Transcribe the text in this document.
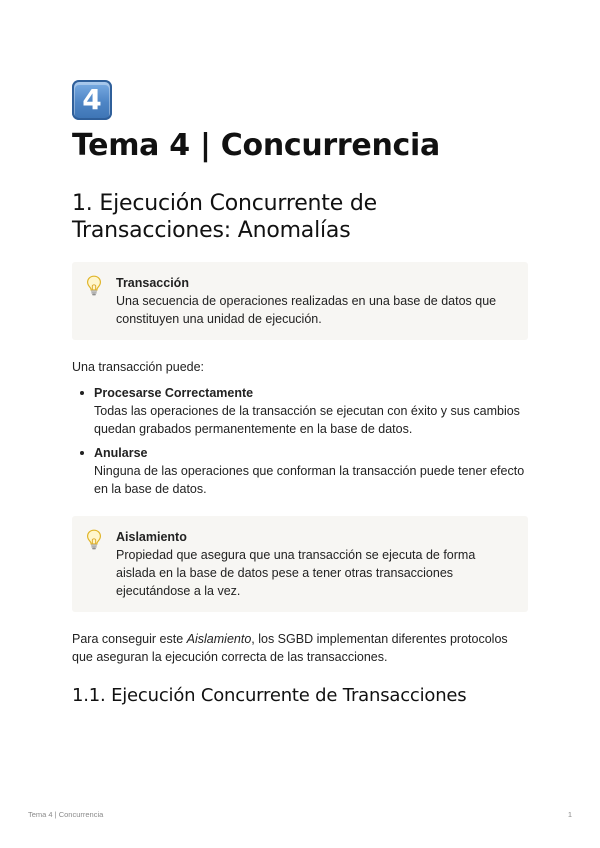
4
Tema 4 | Concurrencia
1. Ejecución Concurrente de Transacciones: Anomalías
Transacción
Una secuencia de operaciones realizadas en una base de datos que constituyen una unidad de ejecución.

Una transacción puede:

Procesarse Correctamente
Todas las operaciones de la transacción se ejecutan con éxito y sus cambios quedan grabados permanentemente en la base de datos.
Anularse
Ninguna de las operaciones que conforman la transacción puede tener efecto en la base de datos.
Aislamiento
Propiedad que asegura que una transacción se ejecuta de forma aislada en la base de datos pese a tener otras transacciones ejecutándose a la vez.

Para conseguir este Aislamiento, los SGBD implementan diferentes protocolos que aseguran la ejecución correcta de las transacciones.

1.1. Ejecución Concurrente de Transacciones
Tema 4 | Concurrencia	1
